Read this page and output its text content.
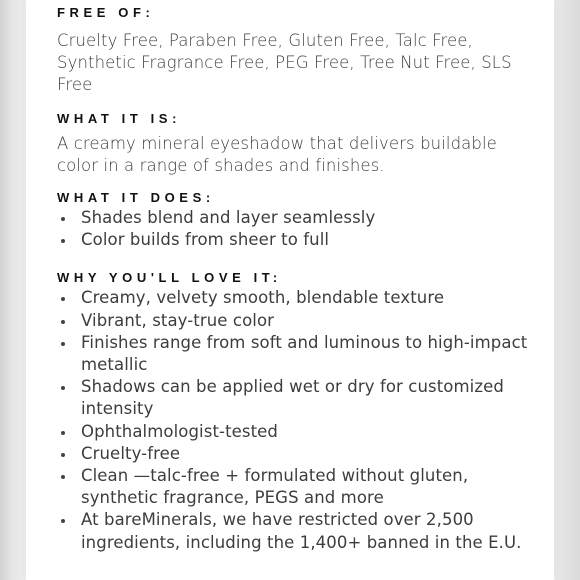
FREE OF:

Cruelty Free, Paraben Free, Gluten Free, Talc Free, Synthetic Fragrance Free, PEG Free, Tree Nut Free, SLS Free

WHAT IT IS:

A creamy mineral eyeshadow that delivers buildable color in a range of shades and finishes.

WHAT IT DOES:
Shades blend and layer seamlessly
Color builds from sheer to full
WHY YOU'LL LOVE IT:
Creamy, velvety smooth, blendable texture
Vibrant, stay-true color
Finishes range from soft and luminous to high-impact metallic
Shadows can be applied wet or dry for customized intensity
Ophthalmologist-tested
Cruelty-free
Clean —talc-free + formulated without gluten, synthetic fragrance, PEGS and more
At bareMinerals, we have restricted over 2,500 ingredients, including the 1,400+ banned in the E.U.
